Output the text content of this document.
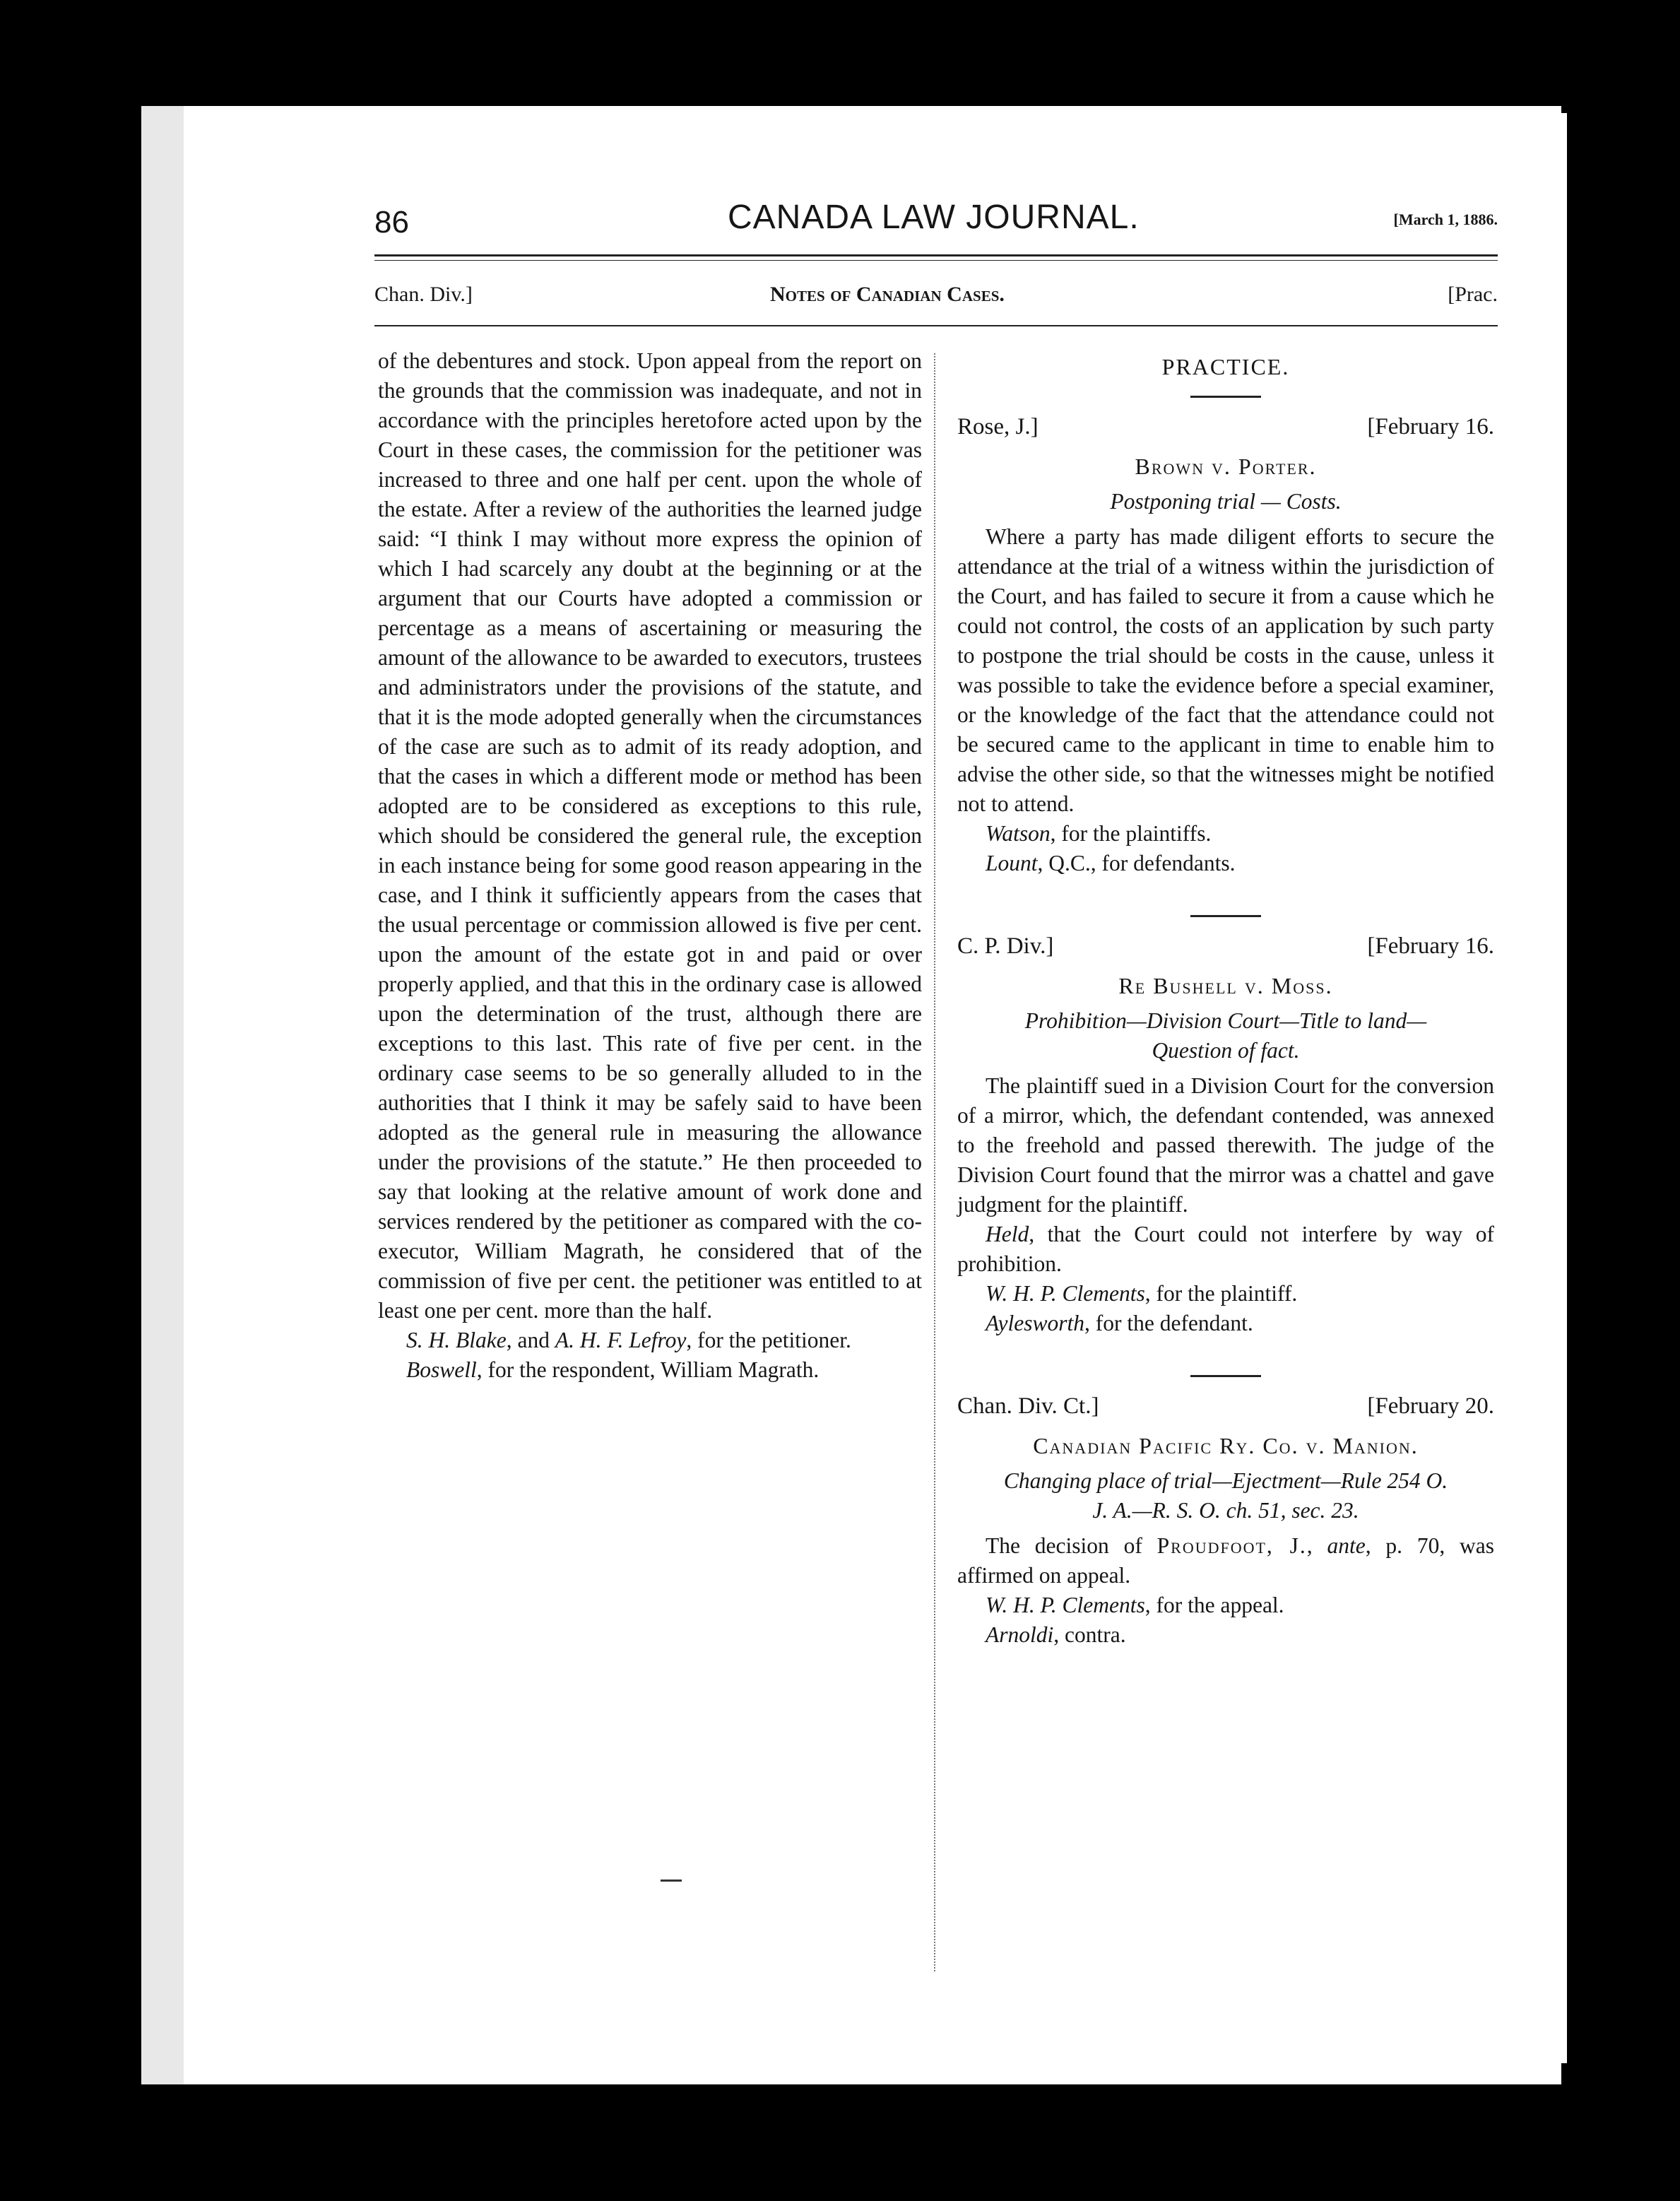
p
th
a
Ca
86	CANADA LAW JOURNAL.	[March 1, 1886.
Chan. Div.]	Notes of Canadian Cases.	[Prac.

of the debentures and stock. Upon appeal from the report on the grounds that the commission was inadequate, and not in accordance with the principles heretofore acted upon by the Court in these cases, the commission for the petitioner was increased to three and one half per cent. upon the whole of the estate. After a review of the authorities the learned judge said: “I think I may without more express the opinion of which I had scarcely any doubt at the beginning or at the argument that our Courts have adopted a commission or percentage as a means of ascertaining or measuring the amount of the allowance to be awarded to executors, trustees and administrators under the provisions of the statute, and that it is the mode adopted generally when the circumstances of the case are such as to admit of its ready adoption, and that the cases in which a different mode or method has been adopted are to be considered as exceptions to this rule, which should be considered the general rule, the exception in each instance being for some good reason appearing in the case, and I think it sufficiently appears from the cases that the usual percentage or commission allowed is five per cent. upon the amount of the estate got in and paid or over properly applied, and that this in the ordinary case is allowed upon the determination of the trust, although there are exceptions to this last. This rate of five per cent. in the ordinary case seems to be so generally alluded to in the authorities that I think it may be safely said to have been adopted as the general rule in measuring the allowance under the provisions of the statute.” He then proceeded to say that looking at the relative amount of work done and services rendered by the petitioner as compared with the co-executor, William Magrath, he considered that of the commission of five per cent. the petitioner was entitled to at least one per cent. more than the half.

S. H. Blake, and A. H. F. Lefroy, for the petitioner.

Boswell, for the respondent, William Magrath.

PRACTICE.
Rose, J.]	[February 16.
Brown v. Porter.
Postponing trial — Costs.

Where a party has made diligent efforts to secure the attendance at the trial of a witness within the jurisdiction of the Court, and has failed to secure it from a cause which he could not control, the costs of an application by such party to postpone the trial should be costs in the cause, unless it was possible to take the evidence before a special examiner, or the knowledge of the fact that the attendance could not be secured came to the applicant in time to enable him to advise the other side, so that the witnesses might be notified not to attend.

Watson, for the plaintiffs.

Lount, Q.C., for defendants.

C. P. Div.]	[February 16.
Re Bushell v. Moss.
Prohibition—Division Court—Title to land—
Question of fact.

The plaintiff sued in a Division Court for the conversion of a mirror, which, the defendant contended, was annexed to the freehold and passed therewith. The judge of the Division Court found that the mirror was a chattel and gave judgment for the plaintiff.

Held, that the Court could not interfere by way of prohibition.

W. H. P. Clements, for the plaintiff.

Aylesworth, for the defendant.

Chan. Div. Ct.]	[February 20.
Canadian Pacific Ry. Co. v. Manion.
Changing place of trial—Ejectment—Rule 254 O.
J. A.—R. S. O. ch. 51, sec. 23.

The decision of Proudfoot, J., ante, p. 70, was affirmed on appeal.

W. H. P. Clements, for the appeal.

Arnoldi, contra.
